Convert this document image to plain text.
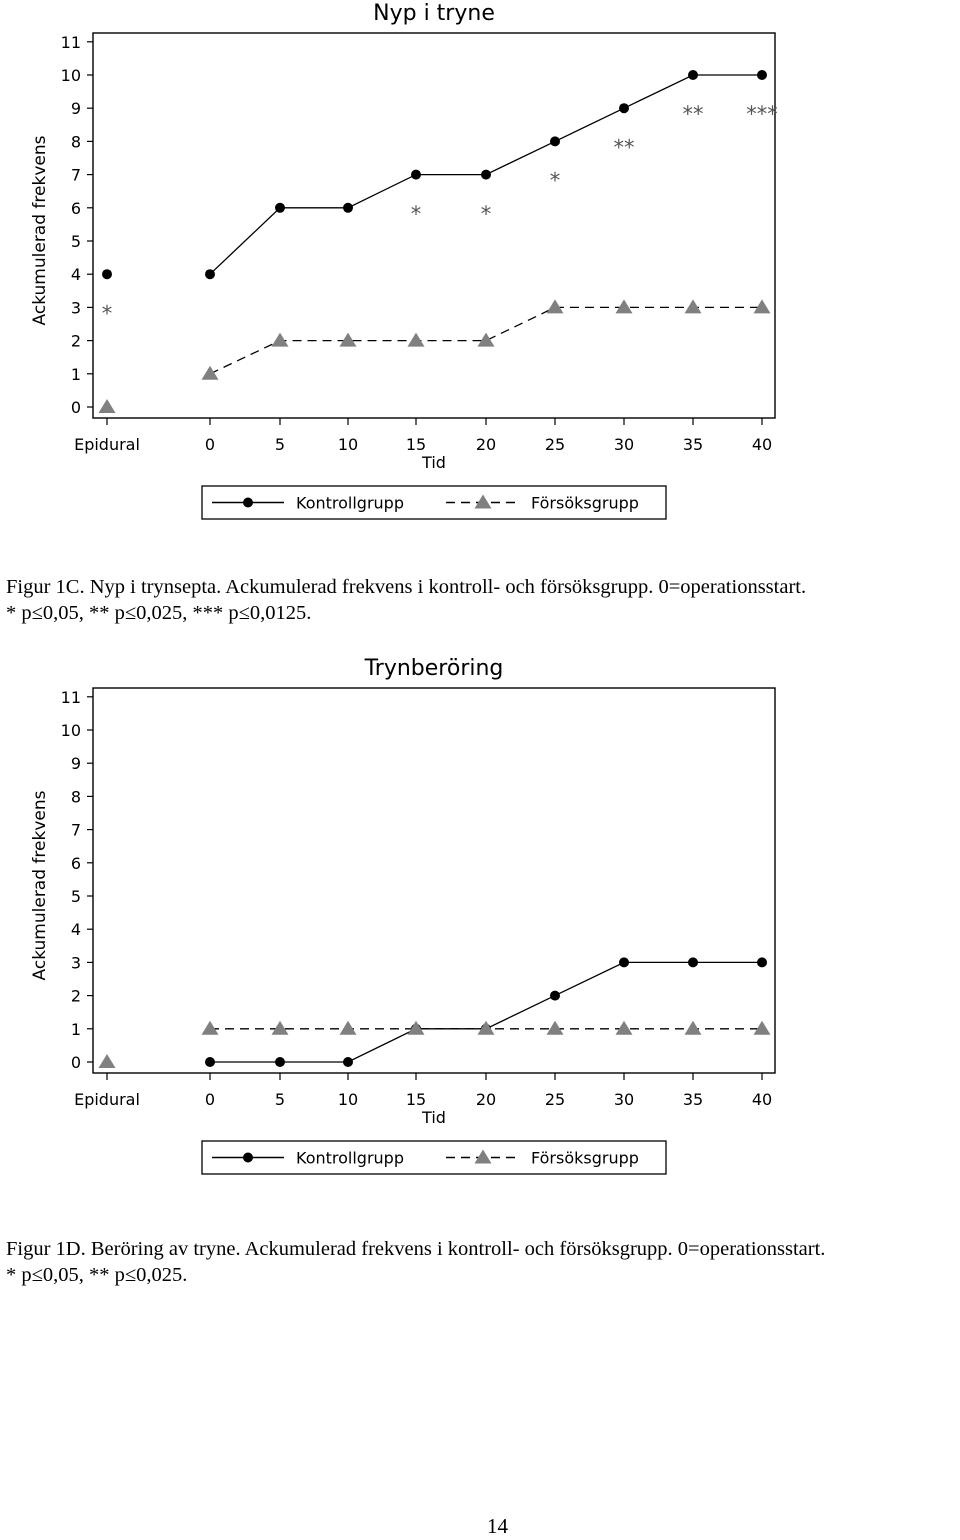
Nyp i tryne
0
1
2
3
4
5
6
7
8
9
10
11
Ackumulerad frekvens
Epidural	0	5	10	15	20	25	30	35	40
Tid
*
*	*
*
**
** ***
Kontrollgrupp	Försöksgrupp
Figur 1C. Nyp i trynsepta. Ackumulerad frekvens i kontroll- och försöksgrupp. 0=operationsstart.
* p≤0,05, ** p≤0,025, *** p≤0,0125.
Trynberöring
0
1
2
3
4
5
6
7
8
9
10
11
Ackumulerad frekvens
Epidural	0	5	10	15	20	25	30	35	40
Tid
Kontrollgrupp	Försöksgrupp
Figur 1D. Beröring av tryne. Ackumulerad frekvens i kontroll- och försöksgrupp. 0=operationsstart.
* p≤0,05, ** p≤0,025.
14
